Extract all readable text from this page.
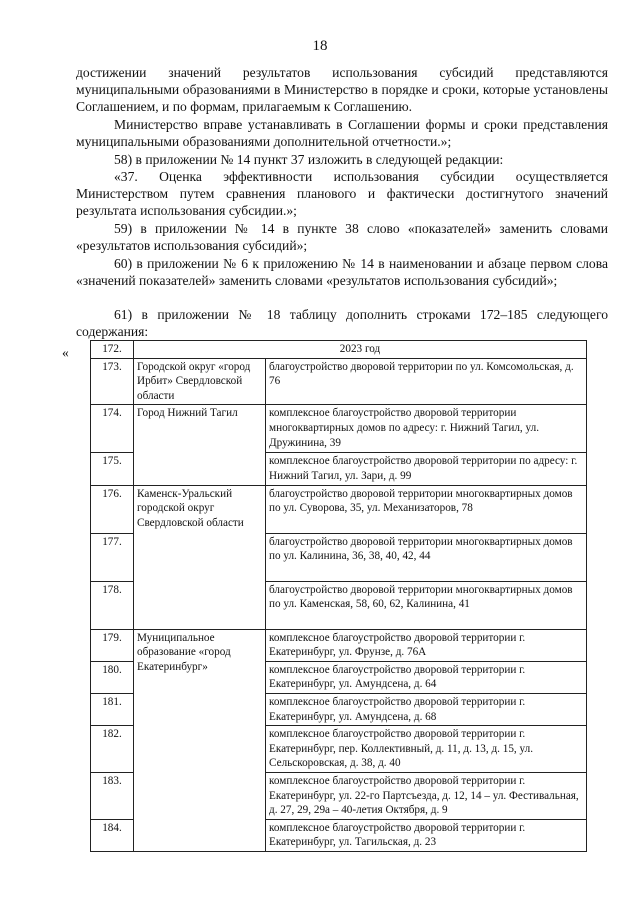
18

достижении значений результатов использования субсидий представляются муниципальными образованиями в Министерство в порядке и сроки, которые установлены Соглашением, и по формам, прилагаемым к Соглашению.

Министерство вправе устанавливать в Соглашении формы и сроки представления муниципальными образованиями дополнительной отчетности.»;

58) в приложении № 14 пункт 37 изложить в следующей редакции:

«37. Оценка эффективности использования субсидии осуществляется Министерством путем сравнения планового и фактически достигнутого значений результата использования субсидии.»;

59) в приложении № 14 в пункте 38 слово «показателей» заменить словами «результатов использования субсидий»;

60) в приложении № 6 к приложению № 14 в наименовании и абзаце первом слова «значений показателей» заменить словами «результатов использования субсидий»;

61) в приложении № 18 таблицу дополнить строками 172–185 следующего содержания:

«	172.	2023 год	
173.	Городской округ «город Ирбит» Свердловской области	благоустройство дворовой территории по ул. Комсомольская, д. 76
174.	Город Нижний Тагил	комплексное благоустройство дворовой территории многоквартирных домов по адресу: г. Нижний Тагил, ул. Дружинина, 39
175.		комплексное благоустройство дворовой территории по адресу: г. Нижний Тагил, ул. Зари, д. 99
176.	Каменск-Уральский городской округ Свердловской области	благоустройство дворовой территории многоквартирных домов по ул. Суворова, 35, ул. Механизаторов, 78
177.		благоустройство дворовой территории многоквартирных домов по ул. Калинина, 36, 38, 40, 42, 44
178.		благоустройство дворовой территории многоквартирных домов по ул. Каменская, 58, 60, 62, Калинина, 41
179.	Муниципальное образование «город Екатеринбург»	комплексное благоустройство дворовой территории г. Екатеринбург, ул. Фрунзе, д. 76А
180.		комплексное благоустройство дворовой территории г. Екатеринбург, ул. Амундсена, д. 64
181.		комплексное благоустройство дворовой территории г. Екатеринбург, ул. Амундсена, д. 68
182.		комплексное благоустройство дворовой территории г. Екатеринбург, пер. Коллективный, д. 11, д. 13, д. 15, ул. Сельскоровская, д. 38, д. 40
183.		комплексное благоустройство дворовой территории г. Екатеринбург, ул. 22-го Партсъезда, д. 12, 14 – ул. Фестивальная, д. 27, 29, 29а – 40-летия Октября, д. 9
184.		комплексное благоустройство дворовой территории г. Екатеринбург, ул. Тагильская, д. 23
